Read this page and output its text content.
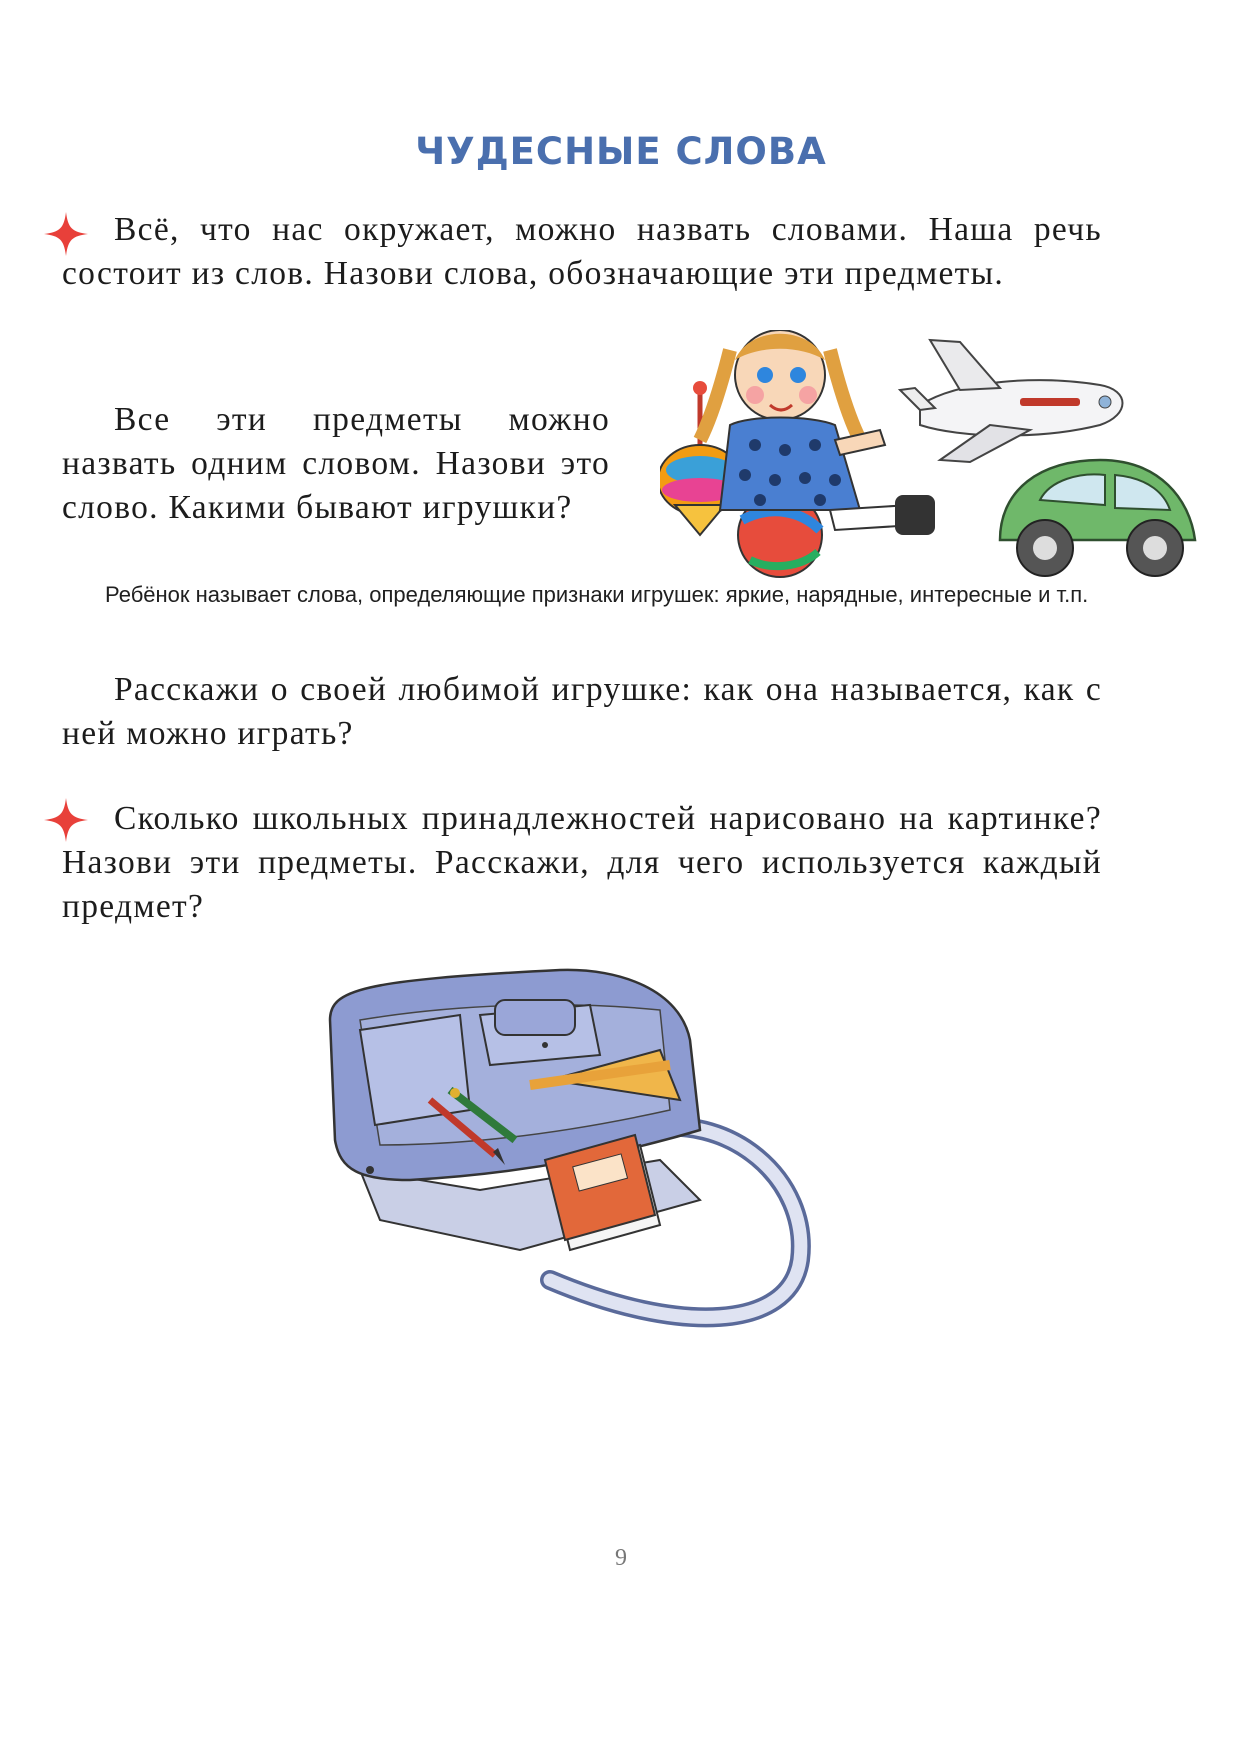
ЧУДЕСНЫЕ СЛОВА

Всё, что нас окружает, можно назвать словами. Наша речь состоит из слов. Назови слова, обозначающие эти предметы.

Все эти предметы можно назвать одним словом. Назови это слово. Какими бывают игрушки?

Ребёнок называет слова, определяющие признаки игрушек: яркие, нарядные, интересные и т.п.

Расскажи о своей любимой игрушке: как она называется, как с ней можно играть?

Сколько школьных принадлежностей нарисовано на картинке? Назови эти предметы. Расскажи, для чего используется каждый предмет?

9
